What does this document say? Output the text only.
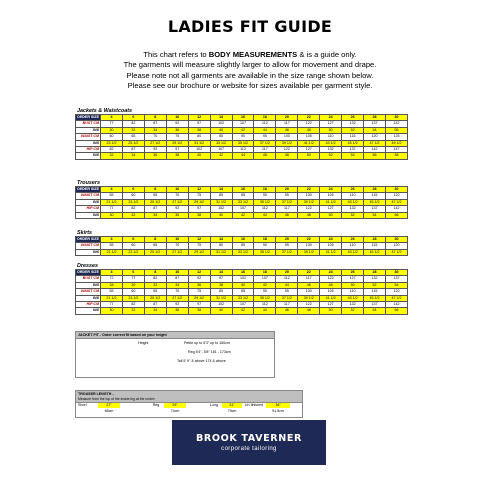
LADIES FIT GUIDE
This chart refers to BODY MEASUREMENTS & is a guide only.
The garments will measure slightly larger to allow for movement and drape.
Please note not all garments are available in the size range shown below.
Please see our brochure or website for sizes available per garment style.
Jackets & Waistcoats
ORDER SIZE	4	6	8	10	12	14	16	18	20	22	24	26	28	30
BUST CM	77	82	87	92	97	102	107	112	117	122	127	132	137	142
INS	30	32	34	36	38	40	42	44	46	48	50	52	54	56
WAIST CM	60	65	70	75	80	85	90	95	100	105	110	115	120	125
INS	23 1/2	25 1/2	27 1/2	29 1/2	31 1/2	33 1/2	35 1/2	37 1/2	39 1/2	41 1/2	43 1/2	45 1/2	47 1/2	49 1/2
HIP CM	82	87	92	97	102	107	112	117	122	127	132	137	142	147
INS	32	34	36	38	40	42	44	46	48	50	52	54	56	58
Trousers
ORDER SIZE	4	6	8	10	12	14	16	18	20	22	24	26	28	30
WAIST CM	55	60	65	70	75	80	85	90	95	100	105	110	115	120
INS	21 1/2	23 1/2	25 1/2	27 1/2	29 1/2	31 1/2	33 1/2	35 1/2	37 1/2	39 1/2	41 1/2	43 1/2	45 1/2	47 1/2
HIP CM	77	82	87	92	97	102	107	112	117	122	127	132	137	142
INS	30	32	34	36	38	40	42	44	46	48	50	52	54	56
Skirts
ORDER SIZE	4	6	8	10	12	14	16	18	20	22	24	26	28	30
WAIST CM	55	60	65	70	75	80	85	90	95	100	105	110	115	120
INS	21 1/2	23 1/2	25 1/2	27 1/2	29 1/2	31 1/2	33 1/2	35 1/2	37 1/2	39 1/2	41 1/2	43 1/2	45 1/2	47 1/2
Dresses
ORDER SIZE	4	6	8	10	12	14	16	18	20	22	24	26	28	30
BUST CM	72	77	82	87	92	97	102	107	112	117	122	127	132	137
INS	28	30	32	34	36	38	40	42	44	46	48	50	52	54
WAIST CM	55	60	65	70	75	80	85	90	95	100	105	110	115	120
INS	21 1/2	23 1/2	25 1/2	27 1/2	29 1/2	31 1/2	33 1/2	35 1/2	37 1/2	39 1/2	41 1/2	43 1/2	45 1/2	47 1/2
HIP CM	77	82	87	92	97	102	107	112	117	122	127	132	137	142
INS	30	32	34	36	38	40	42	44	46	48	50	52	54	56
JACKET FIT - Order correct fit based on your height
Height	Petite up to 5'3" up to 160cm
Reg 5'4"- 5'8" 161 - 173cm
Tall 5' 9" & above 174 & above
TROUSER LENGTH -
Measure from the top of the inside leg at the crotch
Short	27"
68cm
Reg	29"
74cm
Long	31"
79cm
Un-finished	36"
91.5cm
BROOK TAVERNER
corporate tailoring
